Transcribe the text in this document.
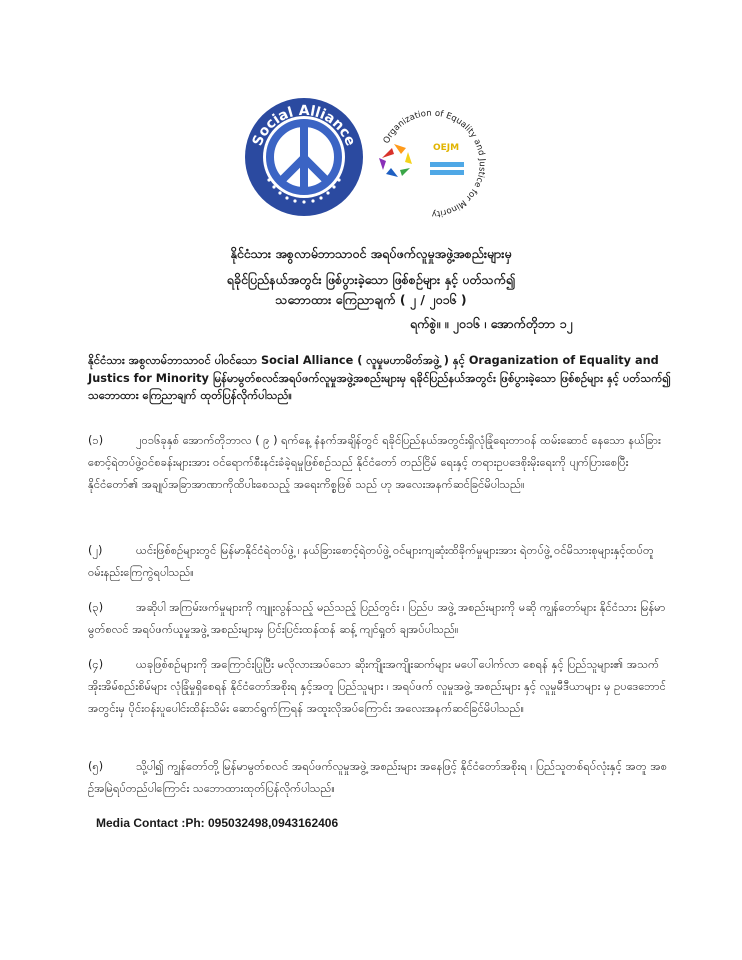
Social Alliance	Organization of Equality and Justice for Minority
OEJM
နိုင်ငံသား အစွလာမ်ဘာသာဝင် အရပ်ဖက်လူမှုအဖွဲ့အစည်းများမှ
ရခိုင်ပြည်နယ်အတွင်း ဖြစ်ပွားခဲ့သော ဖြစ်စဥ်များ နှင့် ပတ်သက်၍
သဘောထား ကြေညာချက် ( ၂ / ၂၀၁၆ )
ရက်စွဲ။ ။ ၂၀၁၆ ၊ အောက်တိုဘာ ၁၂
နိုင်ငံသား အစွလာမ်ဘာသာဝင် ပါဝင်သော Social Alliance ( လူမှုမဟာမိတ်အဖွဲ့ ) နှင့် Oraganization of Equality and Justics for Minority မြန်မာမွတ်စလင်အရပ်ဖက်လူမှုအဖွဲ့အစည်းများမှ ရခိုင်ပြည်နယ်အတွင်း ဖြစ်ပွားခဲ့သော ဖြစ်စဥ်များ နှင့် ပတ်သက်၍ သဘောထား ကြေညာချက် ထုတ်ပြန်လိုက်ပါသည်။
(၁)	၂၀၁၆ခုနှစ် အောက်တိုဘာလ ( ၉ ) ရက်နေ့ နံနက်အချိန်တွင် ရခိုင်ပြည်နယ်အတွင်းရှိလုံခြုံရေးတာဝန် ထမ်းဆောင် နေသော နယ်ခြားစောင့်ရဲတပ်ဖွဲ့ဝင်စခန်းများအား ဝင်ရောက်စီးနင်းခံခဲ့ရမှုဖြစ်စဥ်သည် နိုင်ငံတော် တည်ငြိမ် ရေးနှင့် တရားဥပဒေစိုးမိုးရေးကို ပျက်ပြားစေပြီး နိုင်ငံတော်၏ အချုပ်အခြာအာဏာကိုထိပါးစေသည့် အရေးကိစ္စဖြစ် သည် ဟု အလေးအနက်ဆင်ခြင်မိပါသည်။
(၂)	ယင်းဖြစ်စဥ်များတွင် မြန်မာနိုင်ငံရဲတပ်ဖွဲ့ ၊ နယ်ခြားစောင့်ရဲတပ်ဖွဲ့ ဝင်များကျဆုံးထိခိုက်မှုများအား ရဲတပ်ဖွဲ့ ဝင်မိသားစုများနှင့်ထပ်တူဝမ်းနည်းကြေကွဲရပါသည်။
(၃)	အဆိုပါ အကြမ်းဖက်မှုများကို ကျူးလွန်သည့် မည်သည့် ပြည်တွင်း ၊ ပြည်ပ အဖွဲ့ အစည်းများကို မဆို ကျွန်တော်များ နိုင်ငံသား မြန်မာမွတ်စလင် အရပ်ဖက်ယူမှုအဖွဲ့ အစည်းများမှ ပြင်းပြင်းထန်ထန် ဆန့် ကျင်ရှုတ် ချအပ်ပါသည်။
(၄)	ယခုဖြစ်စဥ်များကို အကြောင်းပြုပြီး မလိုလားအပ်သော ဆိုးကျိုးအကျိုးဆက်များ မပေါ်ပေါက်လာ စေရန် နှင့် ပြည်သူများ၏ အသက်အိုးအိမ်စည်းစိမ်များ လုံခြုံမှုရှိစေရန် နိုင်ငံတော်အစိုးရ နှင့်အတူ ပြည်သူများ ၊ အရပ်ဖက် လူမှုအဖွဲ့ အစည်းများ နှင့် လူမှုမီဒီယာများ မှ ဥပဒေဘောင်အတွင်းမှ ပိုင်းဝန်းပူပေါင်းထိန်းသိမ်း ဆောင်ရွက်ကြရန် အထူးလိုအပ်ကြောင်း အလေးအနက်ဆင်ခြင်မိပါသည်။
(၅)	သို့ပါ၍ ကျွန်တော်တို့ မြန်မာမွတ်စလင် အရပ်ဖက်လူမှုအဖွဲ့ အစည်းများ အနေဖြင့် နိုင်ငံတော်အစိုးရ ၊ ပြည်သူတစ်ရပ်လုံးနှင့် အတူ အစဥ်အမြဲရပ်တည်ပါကြောင်း သဘောထားထုတ်ပြန်လိုက်ပါသည်။
Media Contact :Ph: 095032498,0943162406
